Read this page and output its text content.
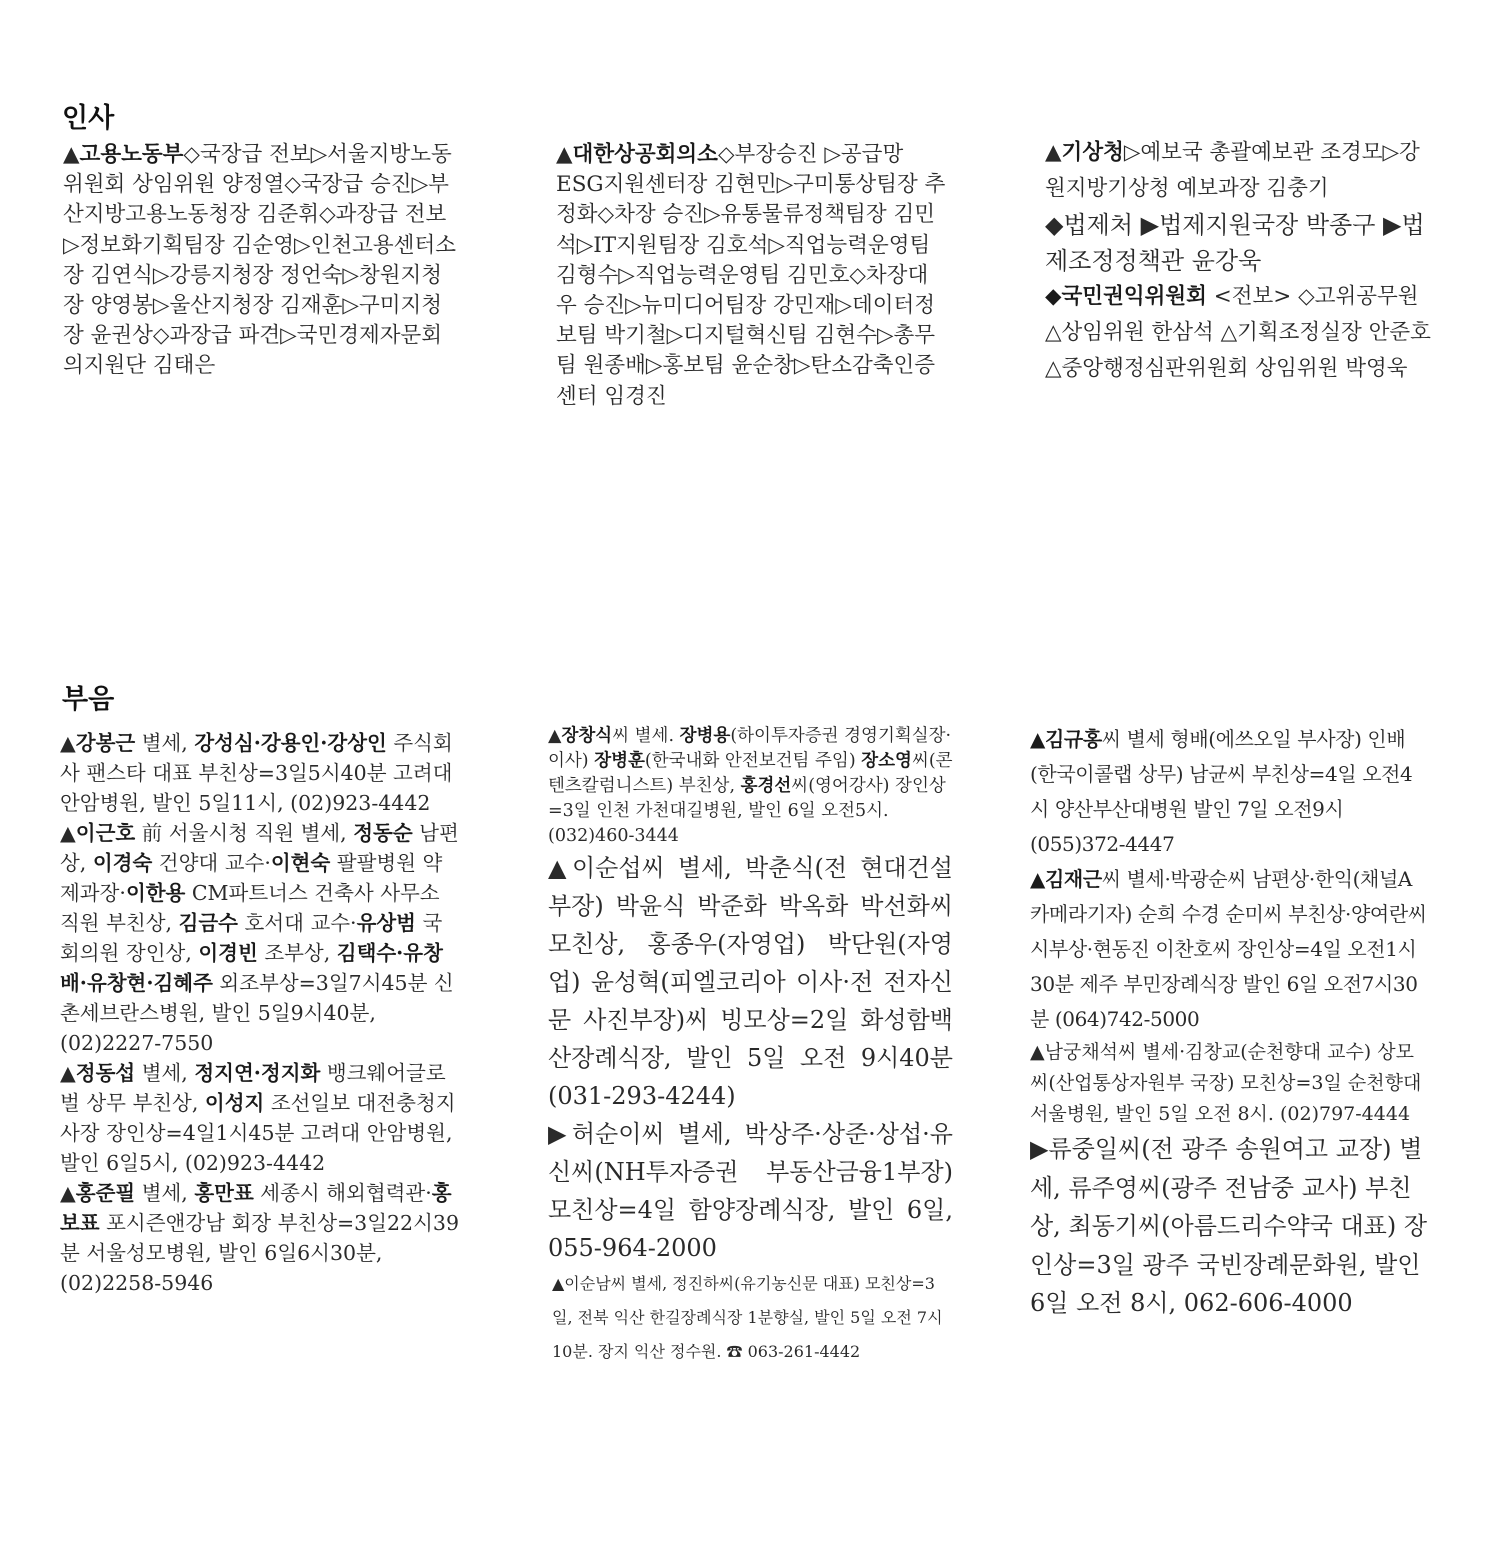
인사

▲고용노동부◇국장급 전보▷서울지방노동위원회 상임위원 양정열◇국장급 승진▷부산지방고용노동청장 김준휘◇과장급 전보▷정보화기획팀장 김순영▷인천고용센터소장 김연식▷강릉지청장 정언숙▷창원지청장 양영봉▷울산지청장 김재훈▷구미지청장 윤권상◇과장급 파견▷국민경제자문회의지원단 김태은

▲대한상공회의소◇부장승진 ▷공급망ESG지원센터장 김현민▷구미통상팀장 추정화◇차장 승진▷유통물류정책팀장 김민석▷IT지원팀장 김호석▷직업능력운영팀 김형수▷직업능력운영팀 김민호◇차장대우 승진▷뉴미디어팀장 강민재▷데이터정보팀 박기철▷디지털혁신팀 김현수▷총무팀 원종배▷홍보팀 윤순창▷탄소감축인증센터 임경진

▲기상청▷예보국 총괄예보관 조경모▷강원지방기상청 예보과장 김충기

◆법제처 ▶법제지원국장 박종구 ▶법제조정정책관 윤강욱

◆국민권익위원회 <전보> ◇고위공무원 △상임위원 한삼석 △기획조정실장 안준호 △중앙행정심판위원회 상임위원 박영욱

부음

▲강봉근 별세, 강성심·강용인·강상인 주식회사 팬스타 대표 부친상=3일5시40분 고려대 안암병원, 발인 5일11시, (02)923-4442

▲이근호 前 서울시청 직원 별세, 정동순 남편상, 이경숙 건양대 교수·이현숙 팔팔병원 약제과장·이한용 CM파트너스 건축사 사무소 직원 부친상, 김금수 호서대 교수·유상범 국회의원 장인상, 이경빈 조부상, 김택수·유창배·유창현·김혜주 외조부상=3일7시45분 신촌세브란스병원, 발인 5일9시40분, (02)2227-7550

▲정동섭 별세, 정지연·정지화 뱅크웨어글로벌 상무 부친상, 이성지 조선일보 대전충청지사장 장인상=4일1시45분 고려대 안암병원, 발인 6일5시, (02)923-4442

▲홍준필 별세, 홍만표 세종시 해외협력관·홍보표 포시즌앤강남 회장 부친상=3일22시39분 서울성모병원, 발인 6일6시30분, (02)2258-5946

▲장창식씨 별세. 장병용(하이투자증권 경영기획실장·이사) 장병훈(한국내화 안전보건팀 주임) 장소영씨(콘텐츠칼럼니스트) 부친상, 홍경선씨(영어강사) 장인상=3일 인천 가천대길병원, 발인 6일 오전5시. (032)460-3444

▲이순섭씨 별세, 박춘식(전 현대건설 부장) 박윤식 박준화 박옥화 박선화씨 모친상, 홍종우(자영업) 박단원(자영업) 윤성혁(피엘코리아 이사·전 전자신문 사진부장)씨 빙모상=2일 화성함백산장례식장, 발인 5일 오전 9시40분 (031-293-4244)

▶허순이씨 별세, 박상주·상준·상섭·유신씨(NH투자증권 부동산금융1부장) 모친상=4일 함양장례식장, 발인 6일, 055-964-2000

▲이순남씨 별세, 정진하씨(유기농신문 대표) 모친상=3일, 전북 익산 한길장례식장 1분향실, 발인 5일 오전 7시 10분. 장지 익산 정수원. ☎ 063-261-4442

▲김규홍씨 별세 형배(에쓰오일 부사장) 인배(한국이콜랩 상무) 남균씨 부친상=4일 오전4시 양산부산대병원 발인 7일 오전9시 (055)372-4447

▲김재근씨 별세·박광순씨 남편상·한익(채널A 카메라기자) 순희 수경 순미씨 부친상·양여란씨 시부상·현동진 이찬호씨 장인상=4일 오전1시30분 제주 부민장례식장 발인 6일 오전7시30분 (064)742-5000

▲남궁채석씨 별세·김창교(순천향대 교수) 상모씨(산업통상자원부 국장) 모친상=3일 순천향대서울병원, 발인 5일 오전 8시. (02)797-4444

▶류중일씨(전 광주 송원여고 교장) 별세, 류주영씨(광주 전남중 교사) 부친상, 최동기씨(아름드리수약국 대표) 장인상=3일 광주 국빈장례문화원, 발인 6일 오전 8시, 062-606-4000
